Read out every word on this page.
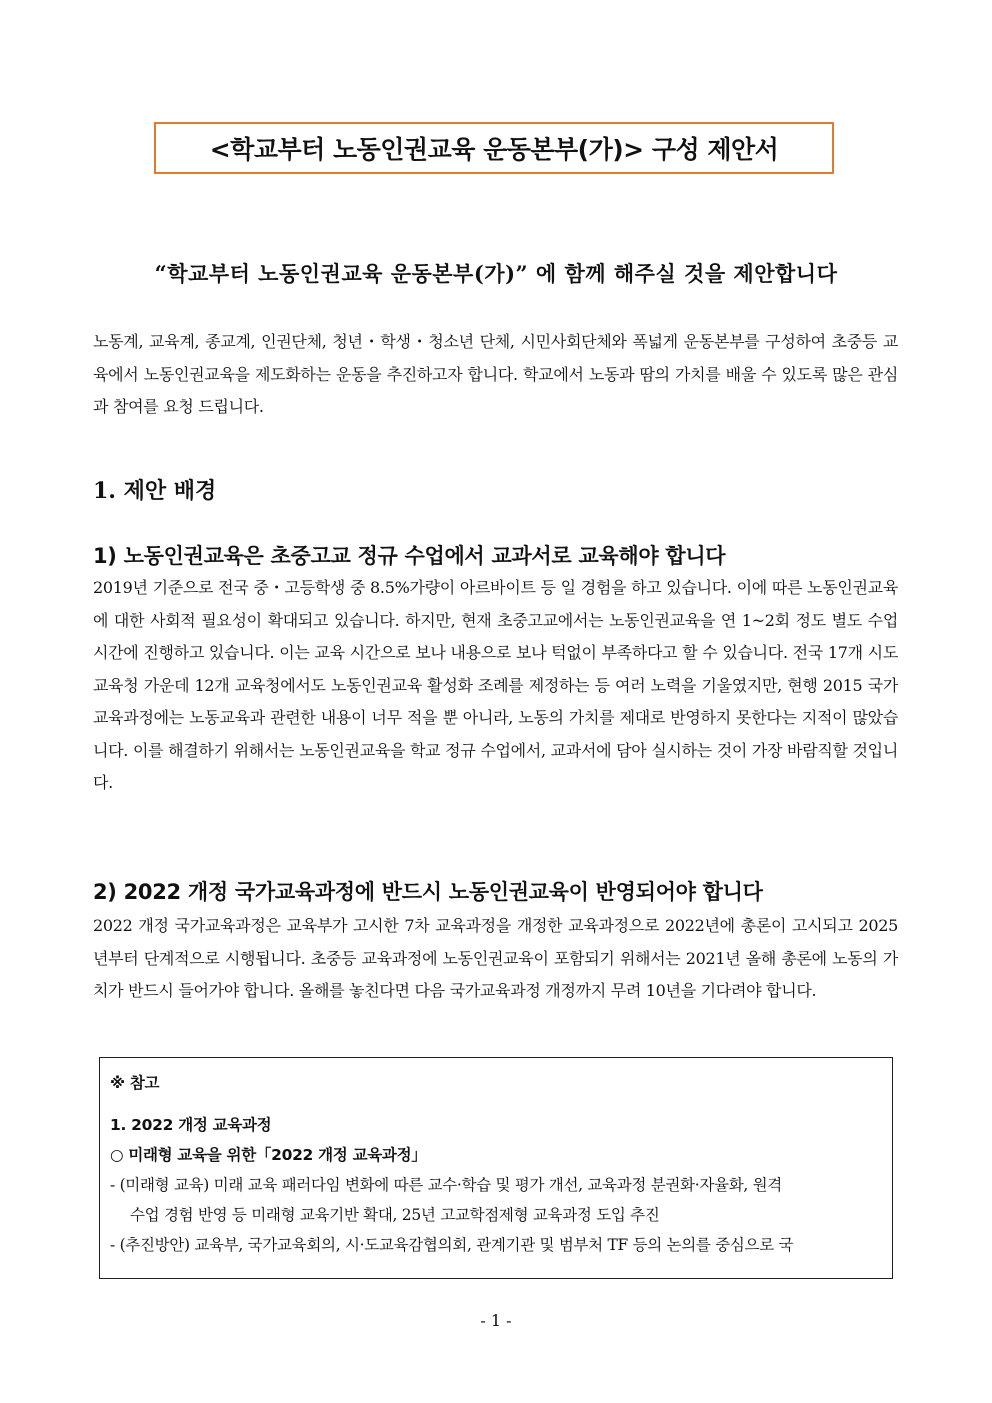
<학교부터 노동인권교육 운동본부(가)> 구성 제안서
“학교부터 노동인권교육 운동본부(가)” 에 함께 해주실 것을 제안합니다

노동계, 교육계, 종교계, 인권단체, 청년・학생・청소년 단체, 시민사회단체와 폭넓게 운동본부를 구성하여 초중등 교육에서 노동인권교육을 제도화하는 운동을 추진하고자 합니다. 학교에서 노동과 땀의 가치를 배울 수 있도록 많은 관심과 참여를 요청 드립니다.

1. 제안 배경
1) 노동인권교육은 초중고교 정규 수업에서 교과서로 교육해야 합니다

2019년 기준으로 전국 중・고등학생 중 8.5%가량이 아르바이트 등 일 경험을 하고 있습니다. 이에 따른 노동인권교육에 대한 사회적 필요성이 확대되고 있습니다. 하지만, 현재 초중고교에서는 노동인권교육을 연 1~2회 정도 별도 수업시간에 진행하고 있습니다. 이는 교육 시간으로 보나 내용으로 보나 턱없이 부족하다고 할 수 있습니다. 전국 17개 시도교육청 가운데 12개 교육청에서도 노동인권교육 활성화 조례를 제정하는 등 여러 노력을 기울였지만, 현행 2015 국가교육과정에는 노동교육과 관련한 내용이 너무 적을 뿐 아니라, 노동의 가치를 제대로 반영하지 못한다는 지적이 많았습니다. 이를 해결하기 위해서는 노동인권교육을 학교 정규 수업에서, 교과서에 담아 실시하는 것이 가장 바람직할 것입니다.

2) 2022 개정 국가교육과정에 반드시 노동인권교육이 반영되어야 합니다

2022 개정 국가교육과정은 교육부가 고시한 7차 교육과정을 개정한 교육과정으로 2022년에 총론이 고시되고 2025년부터 단계적으로 시행됩니다. 초중등 교육과정에 노동인권교육이 포함되기 위해서는 2021년 올해 총론에 노동의 가치가 반드시 들어가야 합니다. 올해를 놓친다면 다음 국가교육과정 개정까지 무려 10년을 기다려야 합니다.

※ 참고
1. 2022 개정 교육과정
○ 미래형 교육을 위한「2022 개정 교육과정」
- (미래형 교육) 미래 교육 패러다임 변화에 따른 교수·학습 및 평가 개선, 교육과정 분권화·자율화, 원격
수업 경험 반영 등 미래형 교육기반 확대, 25년 고교학점제형 교육과정 도입 추진
- (추진방안) 교육부, 국가교육회의, 시·도교육감협의회, 관계기관 및 범부처 TF 등의 논의를 중심으로 국
- 1 -
